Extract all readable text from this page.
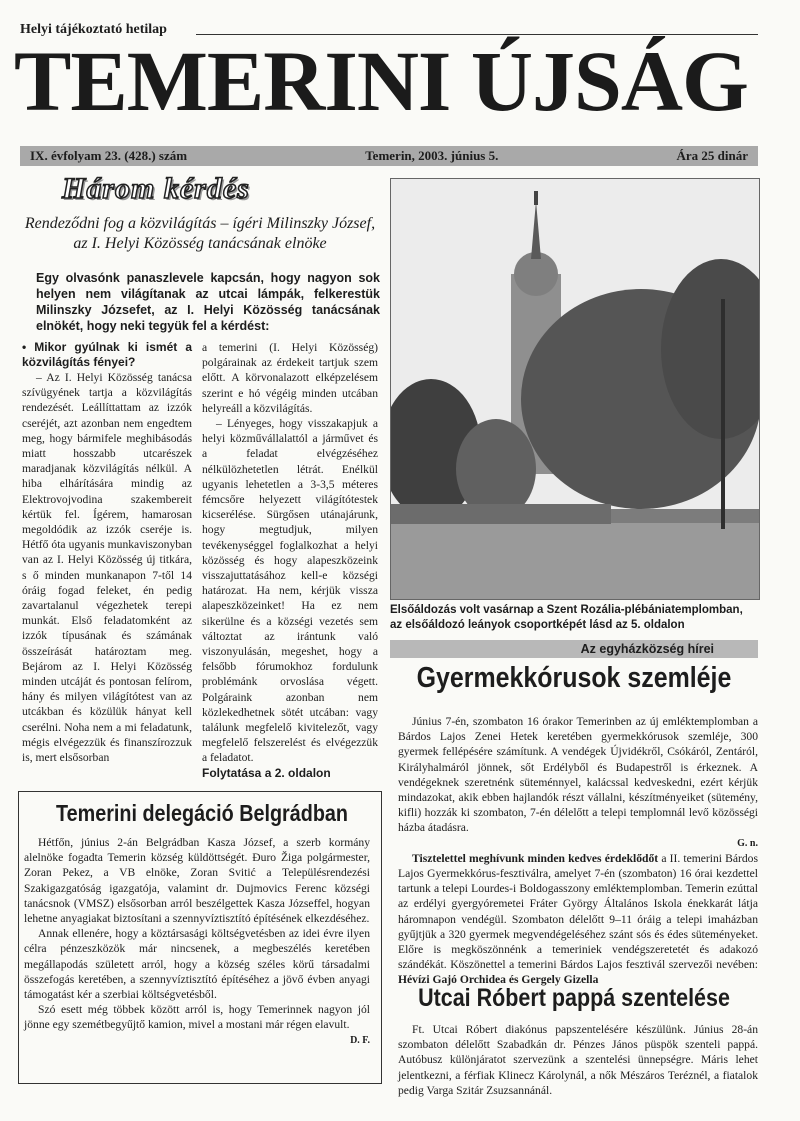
Helyi tájékoztató hetilap
TEMERINI ÚJSÁG
IX. évfolyam 23. (428.) szám	Temerin, 2003. június 5.	Ára 25 dinár
Három kérdés
Rendeződni fog a közvilágítás – ígéri Milinszky József, az I. Helyi Közösség tanácsának elnöke
Egy olvasónk panaszlevele kapcsán, hogy nagyon sok helyen nem világítanak az utcai lámpák, felkerestük Milinszky Józsefet, az I. Helyi Közösség tanácsának elnökét, hogy neki tegyük fel a kérdést:

• Mikor gyúlnak ki ismét a közvilágítás fényei?

– Az I. Helyi Közösség tanácsa szívügyének tartja a közvilágítás rendezését. Leállíttattam az izzók cseréjét, azt azonban nem engedtem meg, hogy bármifele meghibásodás miatt hosszabb utcarészek maradjanak közvilágítás nélkül. A hiba elhárítására mindig az Elektrovojvodina szakembereit kértük fel. Ígérem, hamarosan megoldódik az izzók cseréje is. Hétfő óta ugyanis munkaviszonyban van az I. Helyi Közösség új titkára, s ő minden munkanapon 7-től 14 óráig fogad feleket, én pedig zavartalanul végezhetek terepi munkát. Első feladatomként az izzók típusának és számának összeírását határoztam meg. Bejárom az I. Helyi Közösség minden utcáját és pontosan felírom, hány és milyen világítótest van az utcákban és közülük hányat kell cserélni. Noha nem a mi feladatunk, mégis elvégezzük és finanszírozzuk is, mert elsősorban

a temerini (I. Helyi Közösség) polgárainak az érdekeit tartjuk szem előtt. A körvonalazott elképzelésem szerint e hó végéig minden utcában helyreáll a közvilágítás.

– Lényeges, hogy visszakapjuk a helyi közművállalattól a járművet és a feladat elvégzéséhez nélkülözhetetlen létrát. Enélkül ugyanis lehetetlen a 3-3,5 méteres fémcsőre helyezett világítótestek kicserélése. Sürgősen utánajárunk, hogy megtudjuk, milyen tevékenységgel foglalkozhat a helyi közösség és hogy alapeszközeink visszajuttatásához kell-e községi határozat. Ha nem, kérjük vissza alapeszközeinket! Ha ez nem sikerülne és a községi vezetés sem változtat az irántunk való viszonyulásán, megeshet, hogy a felsőbb fórumokhoz fordulunk problémánk orvoslása végett. Polgáraink azonban nem közlekedhetnek sötét utcában: vagy találunk megfelelő kivitelezőt, vagy megfelelő felszerelést és elvégezzük a feladatot.

Folytatása a 2. oldalon

Elsőáldozás volt vasárnap a Szent Rozália-plébániatemplomban, az elsőáldozó leányok csoportképét lásd az 5. oldalon
Az egyházközség hírei
Gyermekkórusok szemléje

Június 7-én, szombaton 16 órakor Temerinben az új emléktemplomban a Bárdos Lajos Zenei Hetek keretében gyermekkórusok szemléje, 300 gyermek fellépésére számítunk. A vendégek Újvidékről, Csókáról, Zentáról, Királyhalmáról jönnek, sőt Erdélyből és Budapestről is érkeznek. A vendégeknek szeretnénk süteménnyel, kalácssal kedveskedni, ezért kérjük mindazokat, akik ebben hajlandók részt vállalni, készítményeiket (sütemény, kifli) hozzák ki szombaton, 7-én délelőtt a telepi templomnál levő közösségi házba átadásra.

G. n.

Tisztelettel meghívunk minden kedves érdeklődőt a II. temerini Bárdos Lajos Gyermekkórus-fesztiválra, amelyet 7-én (szombaton) 16 órai kezdettel tartunk a telepi Lourdes-i Boldogasszony emléktemplomban. Temerin ezúttal az erdélyi gyergyóremetei Fráter György Általános Iskola énekkarát látja háromnapon vendégül. Szombaton délelőtt 9–11 óráig a telepi imaházban gyűjtjük a 320 gyermek megvendégeléséhez szánt sós és édes süteményeket. Előre is megköszönnénk a temeriniek vendégszeretetét és adakozó szándékát. Köszönettel a temerini Bárdos Lajos fesztivál szervezői nevében: Hévízi Gajó Orchidea és Gergely Gizella

Temerini delegáció Belgrádban

Hétfőn, június 2-án Belgrádban Kasza József, a szerb kormány alelnöke fogadta Temerin község küldöttségét. Đuro Žiga polgármester, Zoran Pekez, a VB elnöke, Zoran Svitić a Településrendezési Szakigazgatóság igazgatója, valamint dr. Dujmovics Ferenc községi tanácsnok (VMSZ) elsősorban arról beszélgettek Kasza Józseffel, hogyan lehetne anyagiakat biztosítani a szennyvíztisztító építésének elkezdéséhez.

Annak ellenére, hogy a köztársasági költségvetésben az idei évre ilyen célra pénzeszközök már nincsenek, a megbeszélés keretében megállapodás született arról, hogy a község széles körű társadalmi összefogás keretében, a szennyvíztisztító építéséhez a jövő évben anyagi támogatást kér a szerbiai költségvetésből.

Szó esett még többek között arról is, hogy Temerinnek nagyon jól jönne egy szemétbegyűjtő kamion, mivel a mostani már régen elavult.

D. F.

Utcai Róbert pappá szentelése

Ft. Utcai Róbert diakónus papszentelésére készülünk. Június 28-án szombaton délelőtt Szabadkán dr. Pénzes János püspök szenteli pappá. Autóbusz különjáratot szervezünk a szentelési ünnepségre. Máris lehet jelentkezni, a férfiak Klinecz Károlynál, a nők Mészáros Teréznél, a fiatalok pedig Varga Szitár Zsuzsannánál.
